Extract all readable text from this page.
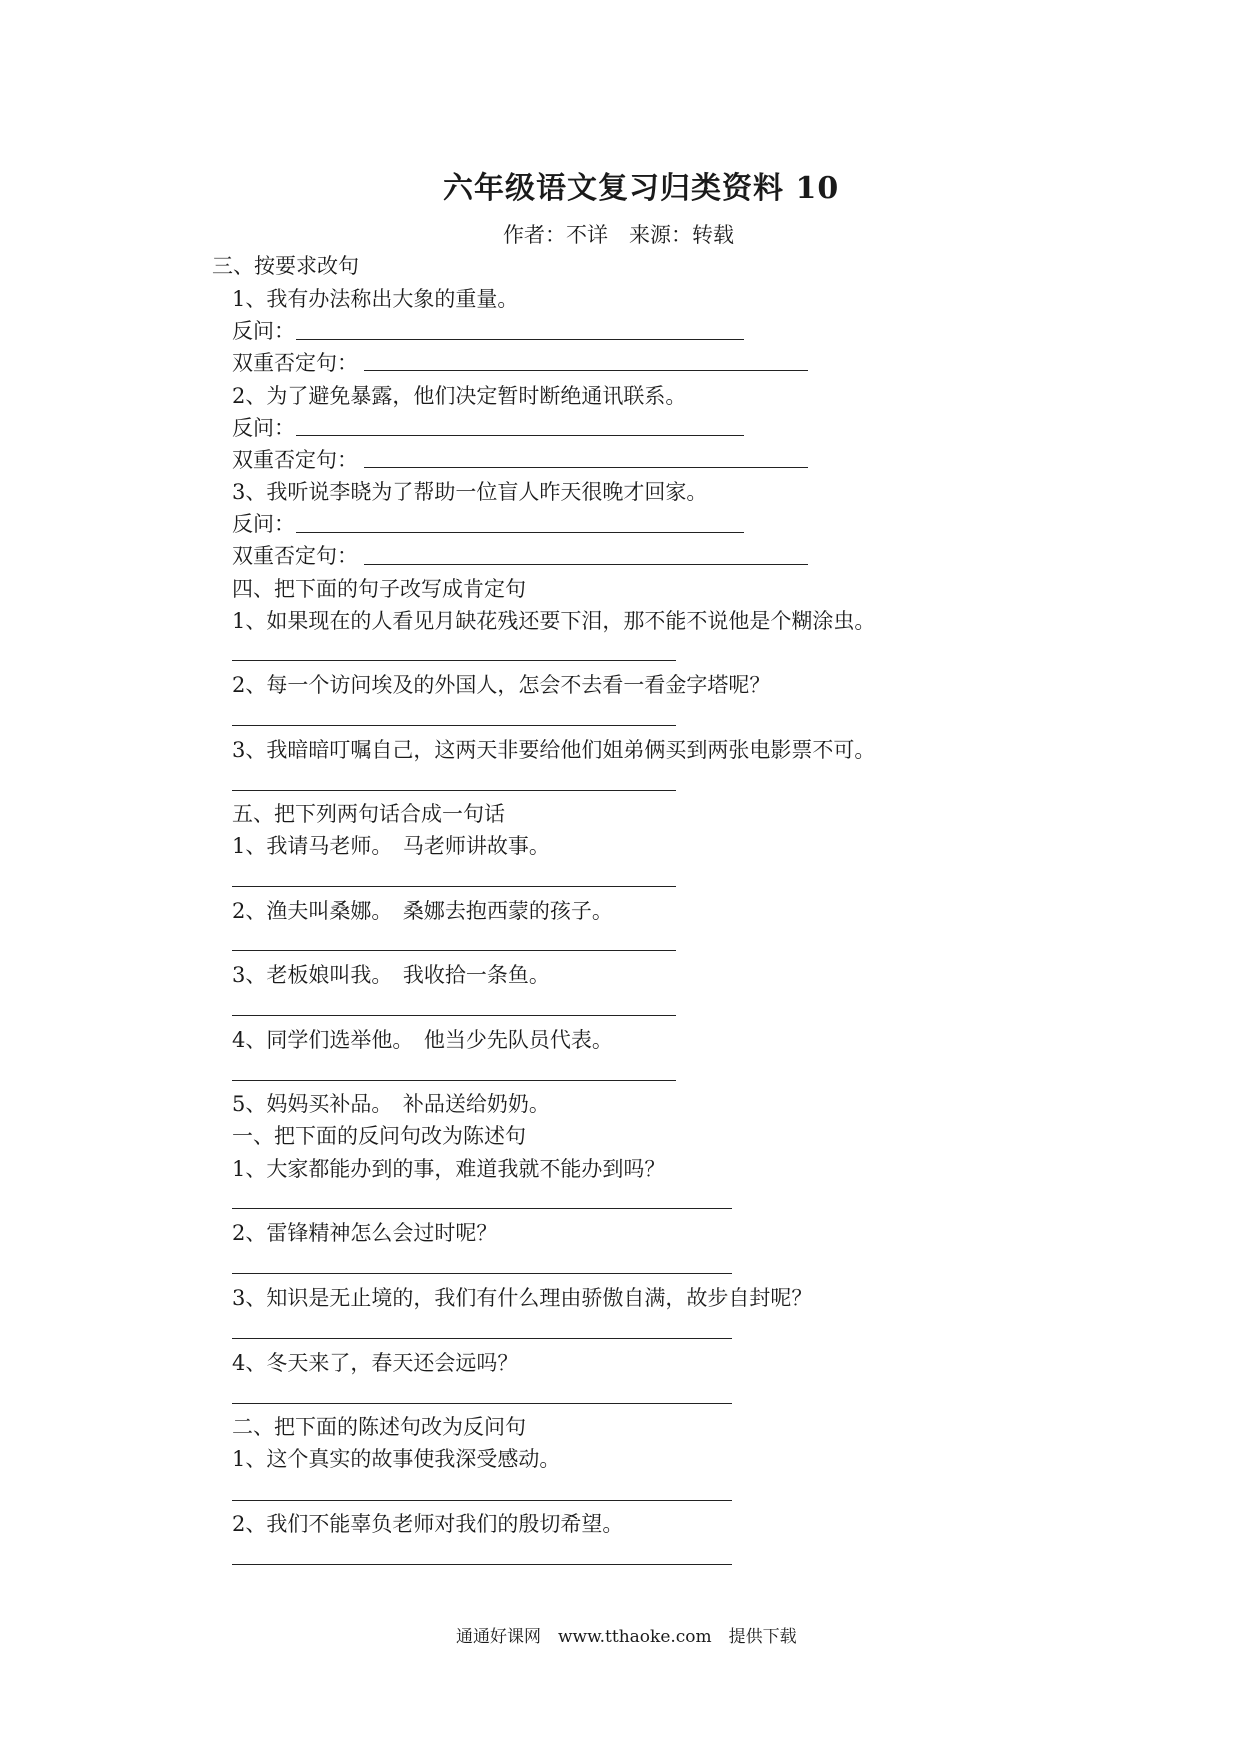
六年级语文复习归类资料 10
作者：不详　来源：转载
三、按要求改句
1、我有办法称出大象的重量。
反问：
双重否定句：
2、为了避免暴露，他们决定暂时断绝通讯联系。
反问：
双重否定句：
3、我听说李晓为了帮助一位盲人昨天很晚才回家。
反问：
双重否定句：
四、把下面的句子改写成肯定句
1、如果现在的人看见月缺花残还要下泪，那不能不说他是个糊涂虫。
2、每一个访问埃及的外国人，怎会不去看一看金字塔呢？
3、我暗暗叮嘱自己，这两天非要给他们姐弟俩买到两张电影票不可。
五、把下列两句话合成一句话
1、我请马老师。　马老师讲故事。
2、渔夫叫桑娜。　桑娜去抱西蒙的孩子。
3、老板娘叫我。　我收拾一条鱼。
4、同学们选举他。　他当少先队员代表。
5、妈妈买补品。　补品送给奶奶。
一、把下面的反问句改为陈述句
1、大家都能办到的事，难道我就不能办到吗？
2、雷锋精神怎么会过时呢？
3、知识是无止境的，我们有什么理由骄傲自满，故步自封呢？
4、冬天来了，春天还会远吗？
二、把下面的陈述句改为反问句
1、这个真实的故事使我深受感动。
2、我们不能辜负老师对我们的殷切希望。
通通好课网　www.tthaoke.com　提供下载
